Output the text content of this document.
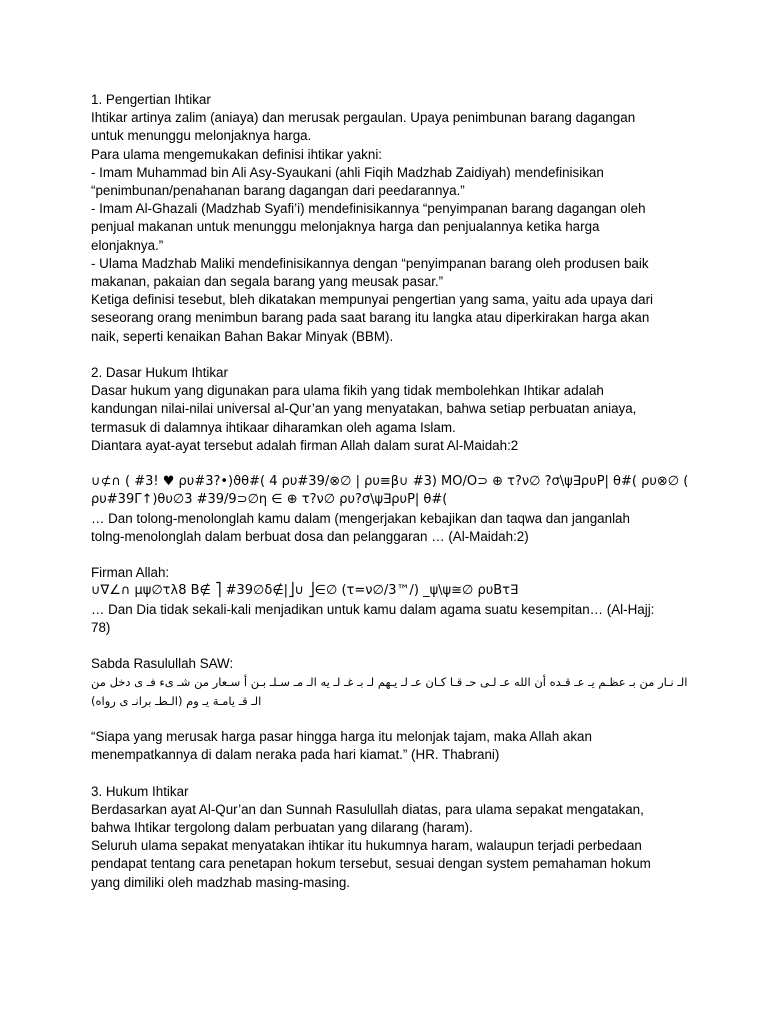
1. Pengertian Ihtikar
Ihtikar artinya zalim (aniaya) dan merusak pergaulan. Upaya penimbunan barang dagangan
untuk menunggu melonjaknya harga.
Para ulama mengemukakan definisi ihtikar yakni:
- Imam Muhammad bin Ali Asy-Syaukani (ahli Fiqih Madzhab Zaidiyah) mendefinisikan
“penimbunan/penahanan barang dagangan dari peedarannya.”
- Imam Al-Ghazali (Madzhab Syafi’i) mendefinisikannya “penyimpanan barang dagangan oleh
penjual makanan untuk menunggu melonjaknya harga dan penjualannya ketika harga
elonjaknya.”
- Ulama Madzhab Maliki mendefinisikannya dengan “penyimpanan barang oleh produsen baik
makanan, pakaian dan segala barang yang meusak pasar.”
Ketiga definisi tesebut, bleh dikatakan mempunyai pengertian yang sama, yaitu ada upaya dari
seseorang orang menimbun barang pada saat barang itu langka atau diperkirakan harga akan
naik, seperti kenaikan Bahan Bakar Minyak (BBM).
2. Dasar Hukum Ihtikar
Dasar hukum yang digunakan para ulama fikih yang tidak membolehkan Ihtikar adalah
kandungan nilai-nilai universal al-Qur’an yang menyatakan, bahwa setiap perbuatan aniaya,
termasuk di dalamnya ihtikaar diharamkan oleh agama Islam.
Diantara ayat-ayat tersebut adalah firman Allah dalam surat Al-Maidah:2
∪⊄∩ ( #3! ♥ ρυ#3?•)ϑθ#( 4 ρυ#39/⊗∅ | ρυ≡β∪ #3) ΜΟ/Ο⊃ ⊕ τ?ν∅ ?σ\ψ∃ρυΡ| θ#( ρυ⊗∅ (
ρυ#39Γ↑)θυ∅3 #39/9⊃∅η ∈ ⊕ τ?ν∅ ρυ?σ\ψ∃ρυΡ| θ#(
… Dan tolong-menolonglah kamu dalam (mengerjakan kebajikan dan taqwa dan janganlah
tolng-menolonglah dalam berbuat dosa dan pelanggaran … (Al-Maidah:2)
Firman Allah:
∪∇∠∩ µψ∅τλ8 Β∉ ⎤ #39∅δ∉|⎦∪ ⎦∈∅ (τ=ν∅/3™/) _ψ\ψ≅∅ ρυΒτ∃
… Dan Dia tidak sekali-kali menjadikan untuk kamu dalam agama suatu kesempitan… (Al-Hajj:
78)
Sabda Rasulullah SAW:
الـ نـار من بـ عظـم يـ عـ قـده أن الله عـ لـى حـ قـا كـان عـ لـ يـهم لـ بـ غـ لـ يه الـ مـ سـلـ بـن أ سـعار من شـ ىء فـ ى دخل من
(الـطـ برانـ ى رواه) الـ قـ يامـة يـ وم
“Siapa yang merusak harga pasar hingga harga itu melonjak tajam, maka Allah akan
menempatkannya di dalam neraka pada hari kiamat.” (HR. Thabrani)
3. Hukum Ihtikar
Berdasarkan ayat Al-Qur’an dan Sunnah Rasulullah diatas, para ulama sepakat mengatakan,
bahwa Ihtikar tergolong dalam perbuatan yang dilarang (haram).
Seluruh ulama sepakat menyatakan ihtikar itu hukumnya haram, walaupun terjadi perbedaan
pendapat tentang cara penetapan hokum tersebut, sesuai dengan system pemahaman hokum
yang dimiliki oleh madzhab masing-masing.
